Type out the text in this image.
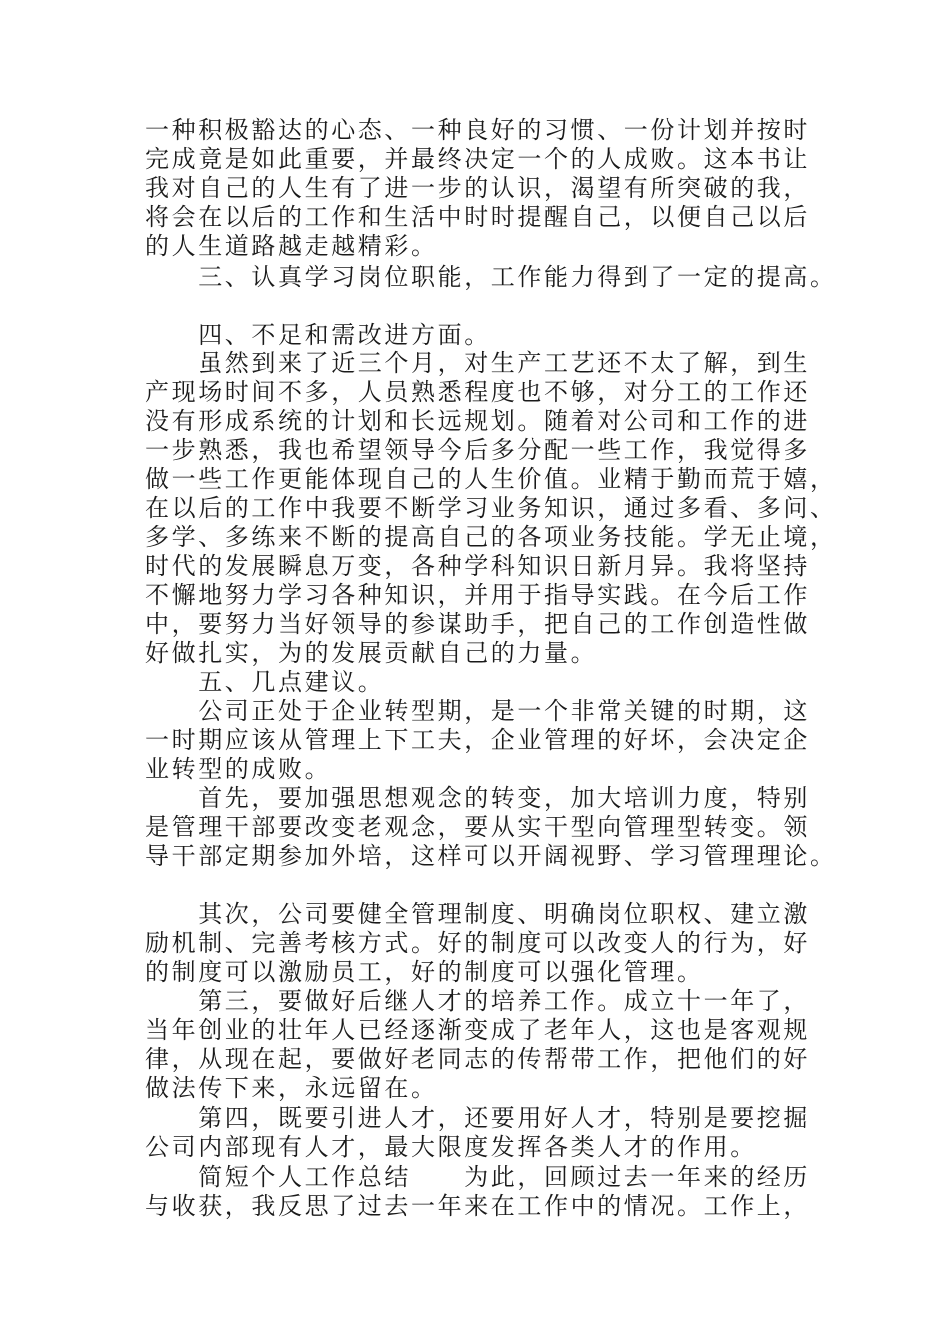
一种积极豁达的心态、一种良好的习惯、一份计划并按时
完成竟是如此重要，并最终决定一个的人成败。这本书让
我对自己的人生有了进一步的认识，渴望有所突破的我，
将会在以后的工作和生活中时时提醒自己，以便自己以后
的人生道路越走越精彩。
　　三、认真学习岗位职能，工作能力得到了一定的提高。
　　四、不足和需改进方面。
　　虽然到来了近三个月，对生产工艺还不太了解，到生
产现场时间不多，人员熟悉程度也不够，对分工的工作还
没有形成系统的计划和长远规划。随着对公司和工作的进
一步熟悉，我也希望领导今后多分配一些工作，我觉得多
做一些工作更能体现自己的人生价值。业精于勤而荒于嬉，
在以后的工作中我要不断学习业务知识，通过多看、多问、
多学、多练来不断的提高自己的各项业务技能。学无止境，
时代的发展瞬息万变，各种学科知识日新月异。我将坚持
不懈地努力学习各种知识，并用于指导实践。在今后工作
中，要努力当好领导的参谋助手，把自己的工作创造性做
好做扎实，为的发展贡献自己的力量。
　　五、几点建议。
　　公司正处于企业转型期，是一个非常关键的时期，这
一时期应该从管理上下工夫，企业管理的好坏，会决定企
业转型的成败。
　　首先，要加强思想观念的转变，加大培训力度，特别
是管理干部要改变老观念，要从实干型向管理型转变。领
导干部定期参加外培，这样可以开阔视野、学习管理理论。
　　其次，公司要健全管理制度、明确岗位职权、建立激
励机制、完善考核方式。好的制度可以改变人的行为，好
的制度可以激励员工，好的制度可以强化管理。
　　第三，要做好后继人才的培养工作。成立十一年了，
当年创业的壮年人已经逐渐变成了老年人，这也是客观规
律，从现在起，要做好老同志的传帮带工作，把他们的好
做法传下来，永远留在。
　　第四，既要引进人才，还要用好人才，特别是要挖掘
公司内部现有人才，最大限度发挥各类人才的作用。
　　简短个人工作总结　　为此，回顾过去一年来的经历
与收获，我反思了过去一年来在工作中的情况。工作上，
